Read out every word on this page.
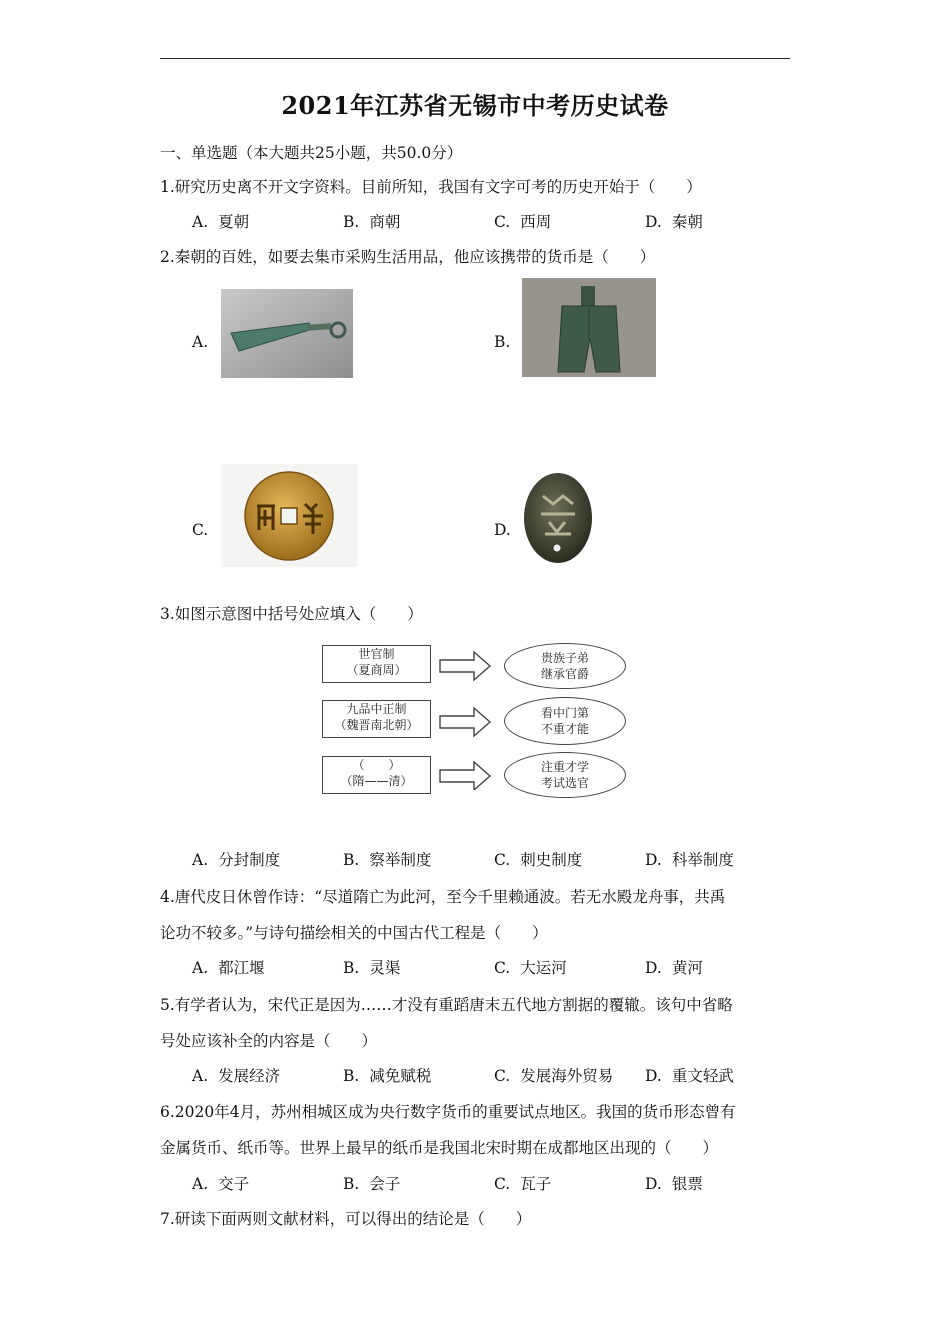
2021年江苏省无锡市中考历史试卷
一、单选题（本大题共25小题，共50.0分）
1.研究历史离不开文字资料。目前所知，我国有文字可考的历史开始于（　　）
A. 夏朝	B. 商朝	C. 西周	D. 秦朝
2.秦朝的百姓，如要去集市采购生活用品，他应该携带的货币是（　　）
A.	B.
C.	D.
3.如图示意图中括号处应填入（　　）
世官制
（夏商周）
九品中正制
（魏晋南北朝）
（　　）
（隋——清）
贵族子弟
继承官爵
看中门第
不重才能
注重才学
考试选官
A. 分封制度	B. 察举制度	C. 刺史制度	D. 科举制度
4.唐代皮日休曾作诗：“尽道隋亡为此河，至今千里赖通波。若无水殿龙舟事，共禹
论功不较多。”与诗句描绘相关的中国古代工程是（　　）
A. 都江堰	B. 灵渠	C. 大运河	D. 黄河
5.有学者认为，宋代正是因为……才没有重蹈唐末五代地方割据的覆辙。该句中省略
号处应该补全的内容是（　　）
A. 发展经济	B. 减免赋税	C. 发展海外贸易 D. 重文轻武
6.2020年4月，苏州相城区成为央行数字货币的重要试点地区。我国的货币形态曾有
金属货币、纸币等。世界上最早的纸币是我国北宋时期在成都地区出现的（　　）
A. 交子	B. 会子	C. 瓦子	D. 银票
7.研读下面两则文献材料，可以得出的结论是（　　）
